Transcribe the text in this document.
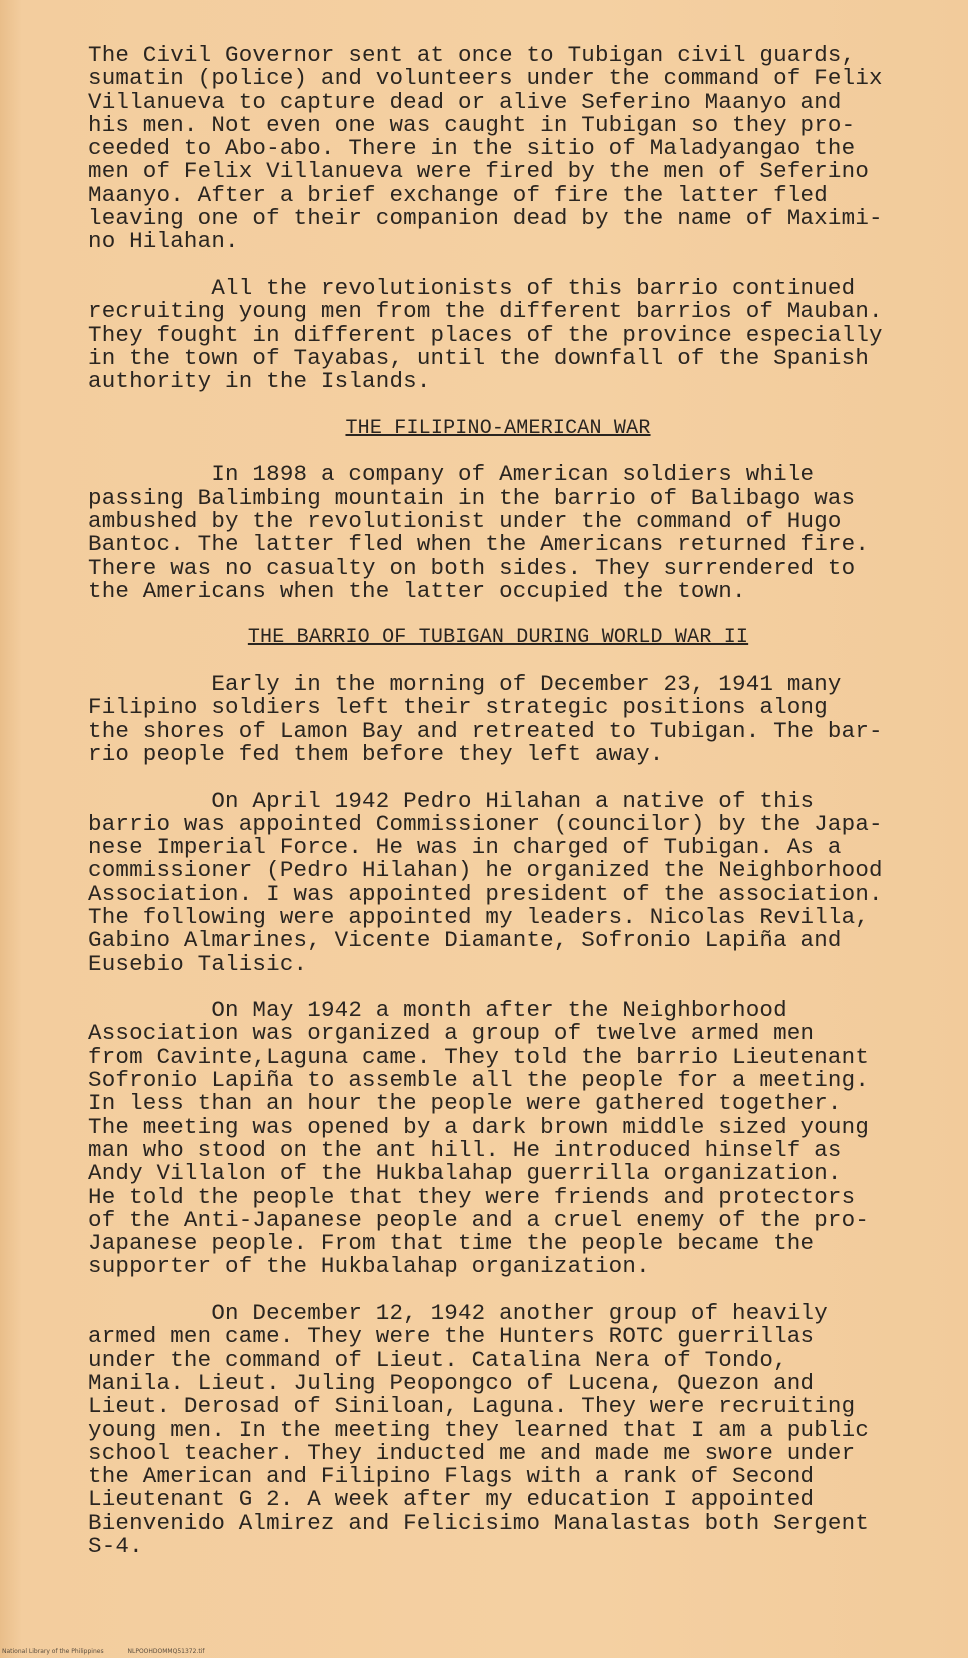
The Civil Governor sent at once to Tubigan civil guards,
sumatin (police) and volunteers under the command of Felix
Villanueva to capture dead or alive Seferino Maanyo and
his men. Not even one was caught in Tubigan so they pro-
ceeded to Abo-abo. There in the sitio of Maladyangao the
men of Felix Villanueva were fired by the men of Seferino
Maanyo. After a brief exchange of fire the latter fled
leaving one of their companion dead by the name of Maximi-
no Hilahan.

All the revolutionists of this barrio continued
recruiting young men from the different barrios of Mauban.
They fought in different places of the province especially
in the town of Tayabas, until the downfall of the Spanish
authority in the Islands.

THE FILIPINO-AMERICAN WAR

In 1898 a company of American soldiers while
passing Balimbing mountain in the barrio of Balibago was
ambushed by the revolutionist under the command of Hugo
Bantoc. The latter fled when the Americans returned fire.
There was no casualty on both sides. They surrendered to
the Americans when the latter occupied the town.

THE BARRIO OF TUBIGAN DURING WORLD WAR II

Early in the morning of December 23, 1941 many
Filipino soldiers left their strategic positions along
the shores of Lamon Bay and retreated to Tubigan. The bar-
rio people fed them before they left away.

On April 1942 Pedro Hilahan a native of this
barrio was appointed Commissioner (councilor) by the Japa-
nese Imperial Force. He was in charged of Tubigan. As a
commissioner (Pedro Hilahan) he organized the Neighborhood
Association. I was appointed president of the association.
The following were appointed my leaders. Nicolas Revilla,
Gabino Almarines, Vicente Diamante, Sofronio Lapiña and
Eusebio Talisic.

On May 1942 a month after the Neighborhood
Association was organized a group of twelve armed men
from Cavinte,Laguna came. They told the barrio Lieutenant
Sofronio Lapiña to assemble all the people for a meeting.
In less than an hour the people were gathered together.
The meeting was opened by a dark brown middle sized young
man who stood on the ant hill. He introduced hinself as
Andy Villalon of the Hukbalahap guerrilla organization.
He told the people that they were friends and protectors
of the Anti-Japanese people and a cruel enemy of the pro-
Japanese people. From that time the people became the
supporter of the Hukbalahap organization.

On December 12, 1942 another group of heavily
armed men came. They were the Hunters ROTC guerrillas
under the command of Lieut. Catalina Nera of Tondo,
Manila. Lieut. Juling Peopongco of Lucena, Quezon and
Lieut. Derosad of Siniloan, Laguna. They were recruiting
young men. In the meeting they learned that I am a public
school teacher. They inducted me and made me swore under
the American and Filipino Flags with a rank of Second
Lieutenant G 2. A week after my education I appointed
Bienvenido Almirez and Felicisimo Manalastas both Sergent
S-4.

National Library of the Philippines	NLPOOHDOMMQ51372.tif
